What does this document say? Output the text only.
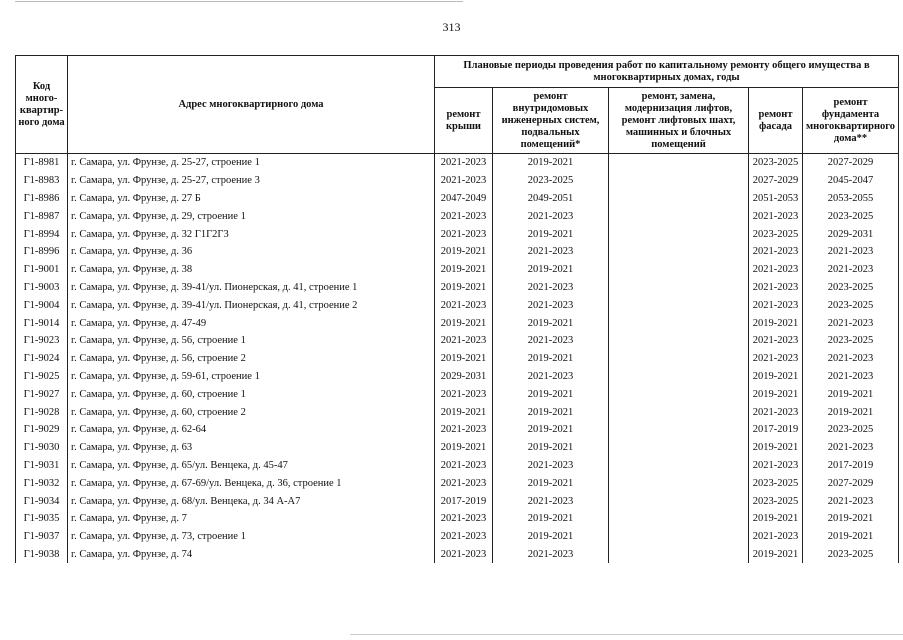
313
Код много-квартир-ного дома	Адрес многоквартирного дома	Плановые периоды проведения работ по капитальному ремонту общего имущества в многоквартирных домах, годы				
		ремонт крыши	ремонт внутридомовых инженерных систем, подвальных помещений*	ремонт, замена, модернизация лифтов, ремонт лифтовых шахт, машинных и блочных помещений	ремонт фасада	ремонт фундамента многоквартирного дома**
Г1-8981	г. Самара, ул. Фрунзе, д. 25-27, строение 1	2021-2023	2019-2021		2023-2025	2027-2029
Г1-8983	г. Самара, ул. Фрунзе, д. 25-27, строение 3	2021-2023	2023-2025		2027-2029	2045-2047
Г1-8986	г. Самара, ул. Фрунзе, д. 27 Б	2047-2049	2049-2051		2051-2053	2053-2055
Г1-8987	г. Самара, ул. Фрунзе, д. 29, строение 1	2021-2023	2021-2023		2021-2023	2023-2025
Г1-8994	г. Самара, ул. Фрунзе, д. 32 Г1Г2Г3	2021-2023	2019-2021		2023-2025	2029-2031
Г1-8996	г. Самара, ул. Фрунзе, д. 36	2019-2021	2021-2023		2021-2023	2021-2023
Г1-9001	г. Самара, ул. Фрунзе, д. 38	2019-2021	2019-2021		2021-2023	2021-2023
Г1-9003	г. Самара, ул. Фрунзе, д. 39-41/ул. Пионерская, д. 41, строение 1	2019-2021	2021-2023		2021-2023	2023-2025
Г1-9004	г. Самара, ул. Фрунзе, д. 39-41/ул. Пионерская, д. 41, строение 2	2021-2023	2021-2023		2021-2023	2023-2025
Г1-9014	г. Самара, ул. Фрунзе, д. 47-49	2019-2021	2019-2021		2019-2021	2021-2023
Г1-9023	г. Самара, ул. Фрунзе, д. 56, строение 1	2021-2023	2021-2023		2021-2023	2023-2025
Г1-9024	г. Самара, ул. Фрунзе, д. 56, строение 2	2019-2021	2019-2021		2021-2023	2021-2023
Г1-9025	г. Самара, ул. Фрунзе, д. 59-61, строение 1	2029-2031	2021-2023		2019-2021	2021-2023
Г1-9027	г. Самара, ул. Фрунзе, д. 60, строение 1	2021-2023	2019-2021		2019-2021	2019-2021
Г1-9028	г. Самара, ул. Фрунзе, д. 60, строение 2	2019-2021	2019-2021		2021-2023	2019-2021
Г1-9029	г. Самара, ул. Фрунзе, д. 62-64	2021-2023	2019-2021		2017-2019	2023-2025
Г1-9030	г. Самара, ул. Фрунзе, д. 63	2019-2021	2019-2021		2019-2021	2021-2023
Г1-9031	г. Самара, ул. Фрунзе, д. 65/ул. Венцека, д. 45-47	2021-2023	2021-2023		2021-2023	2017-2019
Г1-9032	г. Самара, ул. Фрунзе, д. 67-69/ул. Венцека, д. 36, строение 1	2021-2023	2019-2021		2023-2025	2027-2029
Г1-9034	г. Самара, ул. Фрунзе, д. 68/ул. Венцека, д. 34 А-А7	2017-2019	2021-2023		2023-2025	2021-2023
Г1-9035	г. Самара, ул. Фрунзе, д. 7	2021-2023	2019-2021		2019-2021	2019-2021
Г1-9037	г. Самара, ул. Фрунзе, д. 73, строение 1	2021-2023	2019-2021		2021-2023	2019-2021
Г1-9038	г. Самара, ул. Фрунзе, д. 74	2021-2023	2021-2023		2019-2021	2023-2025
